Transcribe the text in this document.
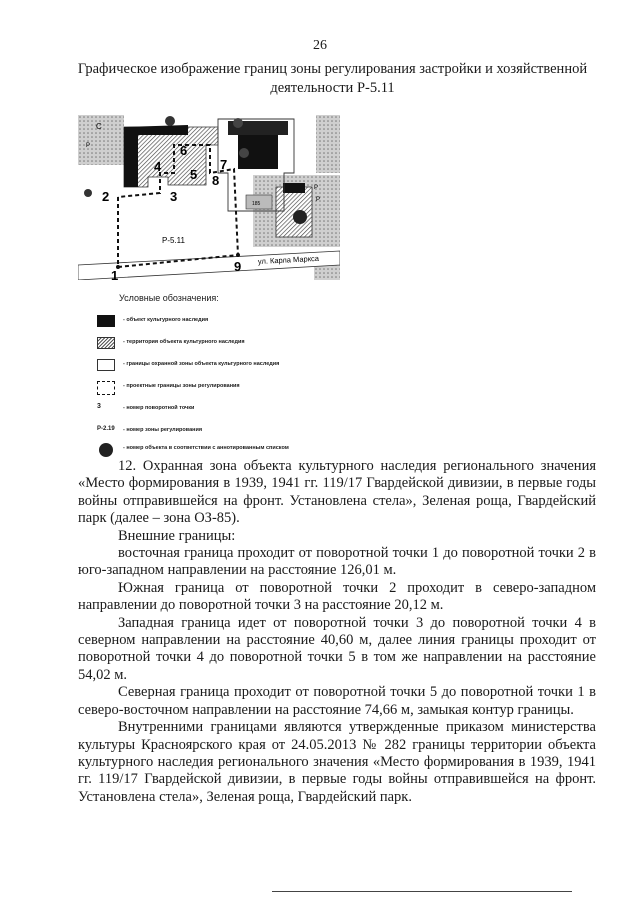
26
Графическое изображение границ зоны регулирования застройки и хозяйственной
деятельности Р-5.11
185
1
2	3
4
5
6
7
8
9
Р-5.11
ул. Карла Маркса
С
Р
Р
Р
Условные обозначения:
- объект культурного наследия
- территория объекта культурного наследия
- границы охранной зоны объекта культурного наследия
- проектные границы зоны регулирования
3	- номер поворотной точки
Р-2.19	- номер зоны регулирования
- номер объекта в соответствии с аннотированным списком

12. Охранная зона объекта культурного наследия регионального значения «Место формирования в 1939, 1941 гг. 119/17 Гвардейской дивизии, в первые годы войны отправившейся на фронт. Установлена стела», Зеленая роща, Гвардейский парк (далее – зона ОЗ-85).

Внешние границы:

восточная граница проходит от поворотной точки 1 до поворотной точки 2 в юго-западном направлении на расстояние 126,01 м.

Южная граница от поворотной точки 2 проходит в северо-западном направлении до поворотной точки 3 на расстояние 20,12 м.

Западная граница идет от поворотной точки 3 до поворотной точки 4 в северном направлении на расстояние 40,60 м, далее линия границы проходит от поворотной точки 4 до поворотной точки 5 в том же направлении на расстояние 54,02 м.

Северная граница проходит от поворотной точки 5 до поворотной точки 1 в северо-восточном направлении на расстояние 74,66 м, замыкая контур границы.

Внутренними границами являются утвержденные приказом министерства культуры Красноярского края от 24.05.2013 № 282 границы территории объекта культурного наследия регионального значения «Место формирования в 1939, 1941 гг. 119/17 Гвардейской дивизии, в первые годы войны отправившейся на фронт. Установлена стела», Зеленая роща, Гвардейский парк.
